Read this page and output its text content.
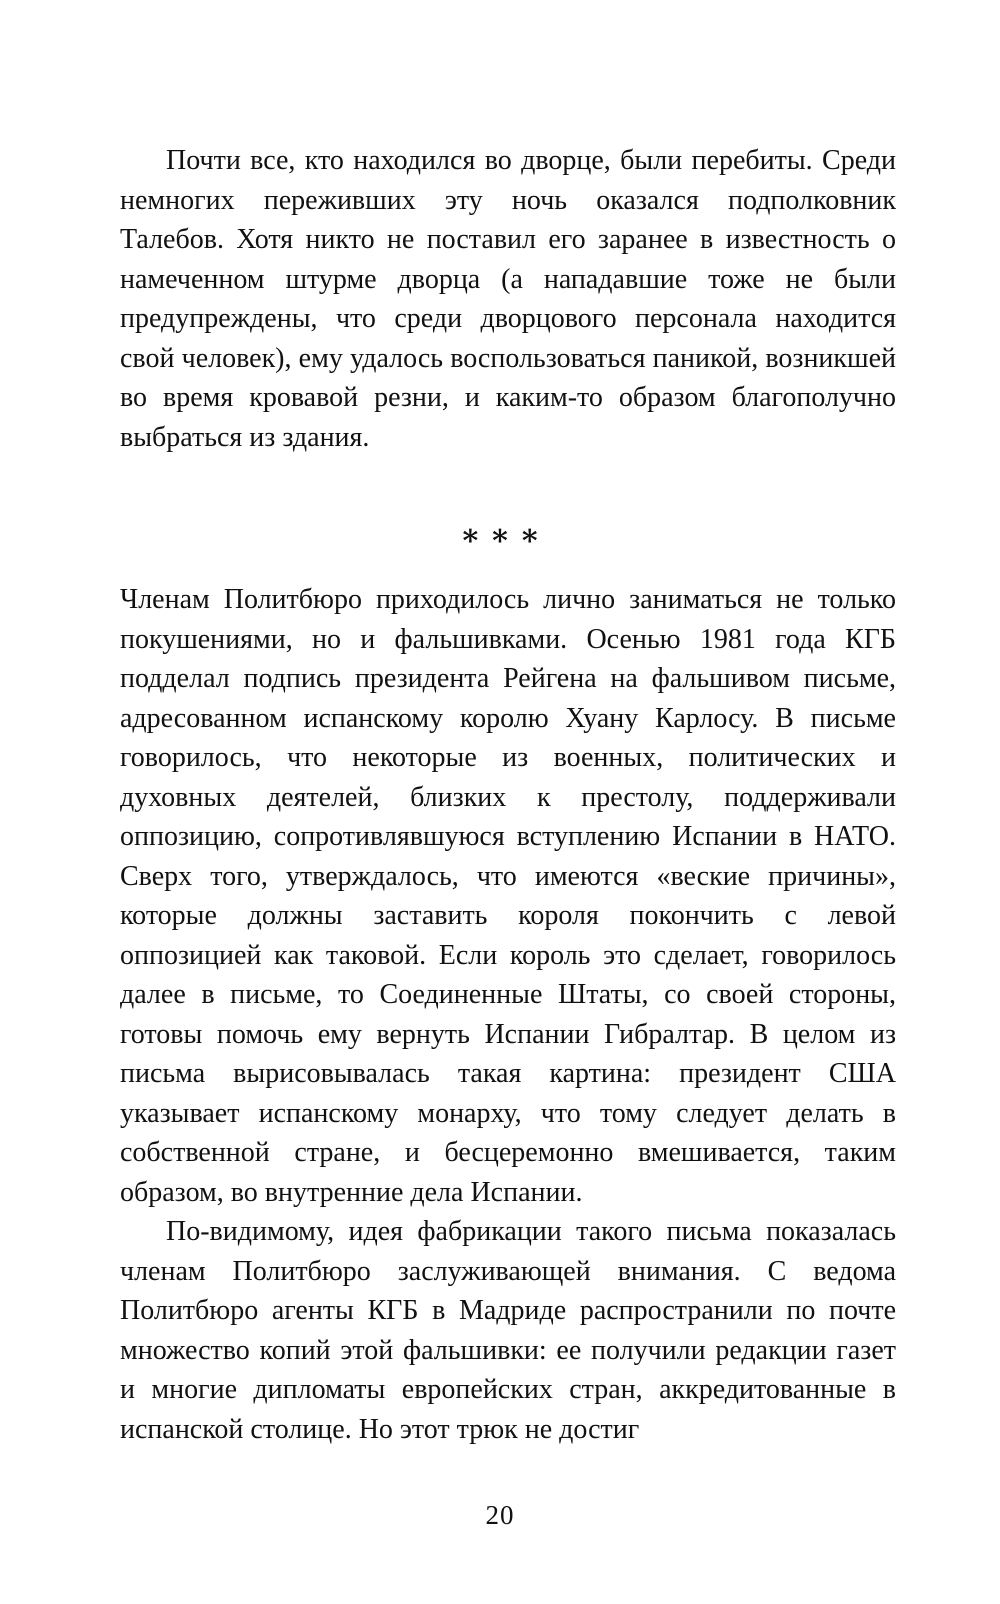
Почти все, кто находился во дворце, были перебиты. Среди немногих переживших эту ночь оказался подполковник Талебов. Хотя никто не поставил его заранее в известность о намеченном штурме дворца (а нападавшие тоже не были предупреждены, что среди дворцового персонала находится свой человек), ему удалось воспользоваться паникой, возникшей во время кровавой резни, и каким-то образом благополучно выбраться из здания.

***

Членам Политбюро приходилось лично заниматься не только покушениями, но и фальшивками. Осенью 1981 года КГБ подделал подпись президента Рейгена на фальшивом письме, адресованном испанскому королю Хуану Карлосу. В письме говорилось, что некоторые из военных, политических и духовных деятелей, близких к престолу, поддерживали оппозицию, сопротивлявшуюся вступлению Испании в НАТО. Сверх того, утверждалось, что имеются «веские причины», которые должны заставить короля покончить с левой оппозицией как таковой. Если король это сделает, говорилось далее в письме, то Соединенные Штаты, со своей стороны, готовы помочь ему вернуть Испании Гибралтар. В целом из письма вырисовывалась такая картина: президент США указывает испанскому монарху, что тому следует делать в собственной стране, и бесцеремонно вмешивается, таким образом, во внутренние дела Испании.

По-видимому, идея фабрикации такого письма показалась членам Политбюро заслуживающей внимания. С ведома Политбюро агенты КГБ в Мадриде распространили по почте множество копий этой фальшивки: ее получили редакции газет и многие дипломаты европейских стран, аккредитованные в испанской столице. Но этот трюк не достиг

20
